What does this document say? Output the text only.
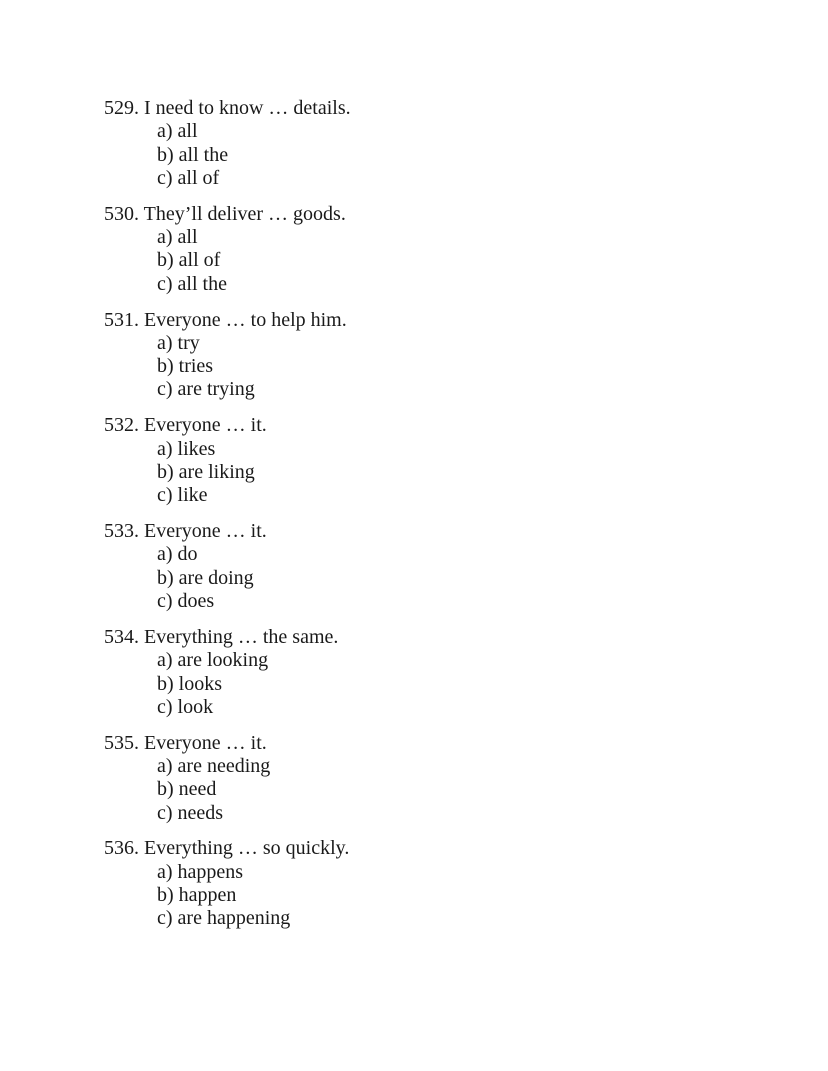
529. I need to know … details.
a) all
b) all the
c) all of
530. They’ll deliver … goods.
a) all
b) all of
c) all the
531. Everyone … to help him.
a) try
b) tries
c) are trying
532. Everyone … it.
a) likes
b) are liking
c) like
533. Everyone … it.
a) do
b) are doing
c) does
534. Everything … the same.
a) are looking
b) looks
c) look
535. Everyone … it.
a) are needing
b) need
c) needs
536. Everything … so quickly.
a) happens
b) happen
c) are happening
